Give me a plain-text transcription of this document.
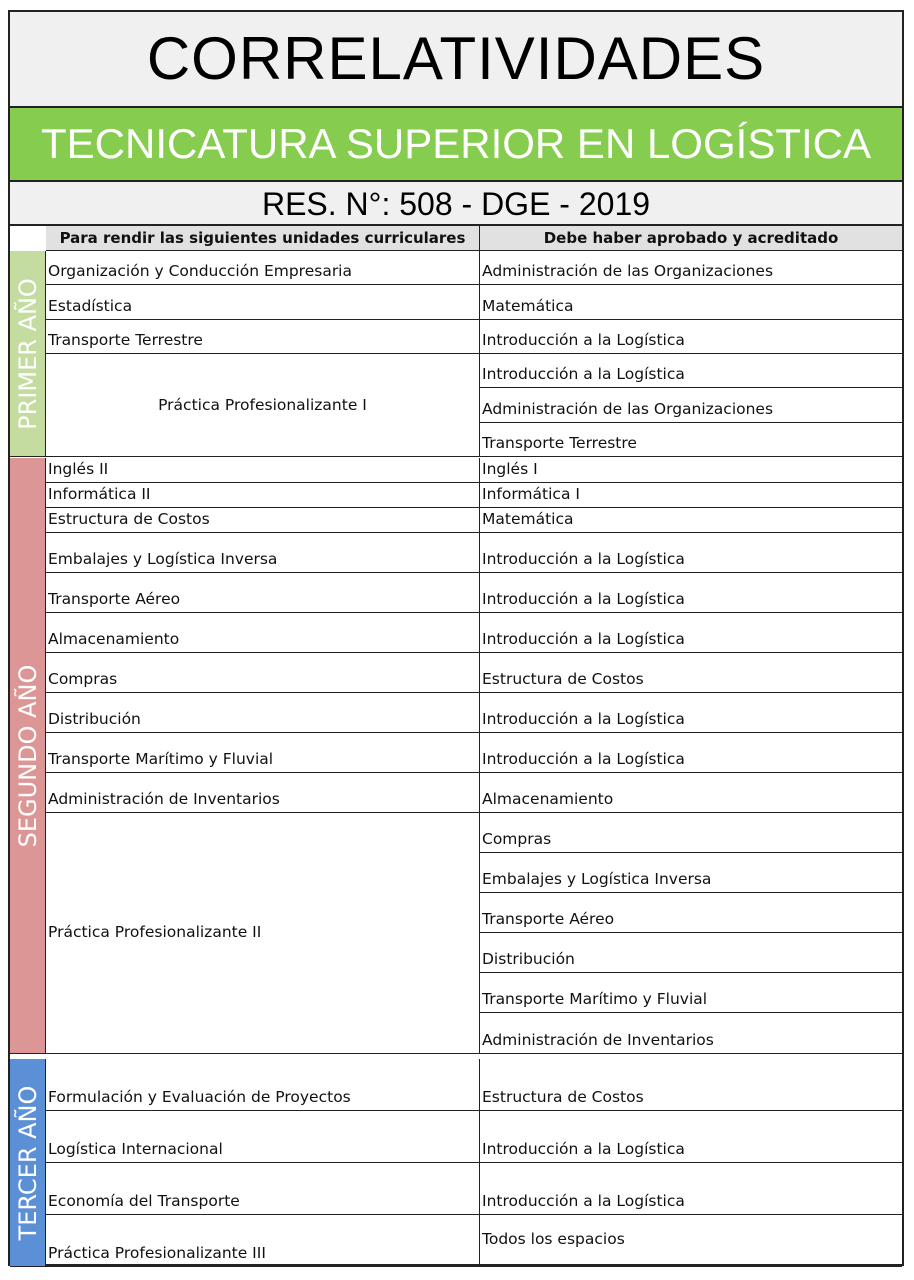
CORRELATIVIDADES
TECNICATURA SUPERIOR EN LOGÍSTICA
RES. N°: 508 - DGE - 2019
Para rendir las siguientes unidades curriculares	Debe haber aprobado y acreditado
Administración de las Organizaciones
Organización y Conducción Empresaria
Matemática
Estadística
Introducción a la Logística
Transporte Terrestre
Introducción a la Logística
Administración de las Organizaciones
Transporte Terrestre
Práctica Profesionalizante I
PRIMER AÑO
Inglés I
Inglés II
Informática I
Informática II
Matemática
Estructura de Costos
Introducción a la Logística
Embalajes y Logística Inversa
Introducción a la Logística
Transporte Aéreo
Introducción a la Logística
Almacenamiento
Estructura de Costos
Compras
Introducción a la Logística
Distribución
Introducción a la Logística
Transporte Marítimo y Fluvial
Almacenamiento
Administración de Inventarios
Compras
Embalajes y Logística Inversa
Transporte Aéreo
Distribución
Transporte Marítimo y Fluvial
Administración de Inventarios
Práctica Profesionalizante II
SEGUNDO AÑO
Estructura de Costos
Formulación y Evaluación de Proyectos
Introducción a la Logística
Logística Internacional
Introducción a la Logística
Economía del Transporte
Todos los espacios
Práctica Profesionalizante III
TERCER AÑO
